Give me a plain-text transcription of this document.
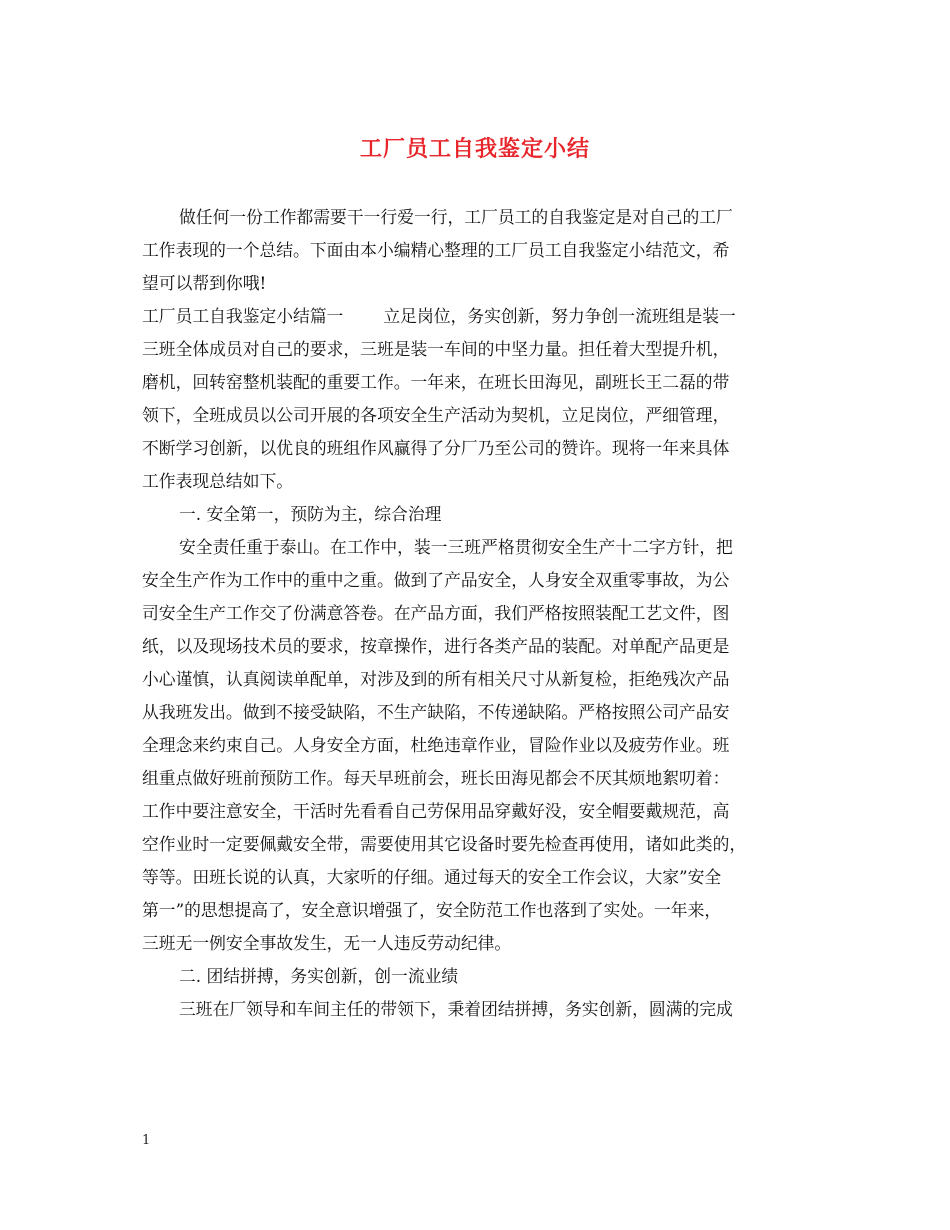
工厂员工自我鉴定小结
做任何一份工作都需要干一行爱一行，工厂员工的自我鉴定是对自己的工厂
工作表现的一个总结。下面由本小编精心整理的工厂员工自我鉴定小结范文，希
望可以帮到你哦!
工厂员工自我鉴定小结篇一 立足岗位，务实创新，努力争创一流班组是装一
三班全体成员对自己的要求，三班是装一车间的中坚力量。担任着大型提升机，
磨机，回转窑整机装配的重要工作。一年来，在班长田海见，副班长王二磊的带
领下，全班成员以公司开展的各项安全生产活动为契机，立足岗位，严细管理，
不断学习创新，以优良的班组作风赢得了分厂乃至公司的赞许。现将一年来具体
工作表现总结如下。
一. 安全第一，预防为主，综合治理
安全责任重于泰山。在工作中，装一三班严格贯彻安全生产十二字方针，把
安全生产作为工作中的重中之重。做到了产品安全，人身安全双重零事故，为公
司安全生产工作交了份满意答卷。在产品方面，我们严格按照装配工艺文件，图
纸，以及现场技术员的要求，按章操作，进行各类产品的装配。对单配产品更是
小心谨慎，认真阅读单配单，对涉及到的所有相关尺寸从新复检，拒绝残次产品
从我班发出。做到不接受缺陷，不生产缺陷，不传递缺陷。严格按照公司产品安
全理念来约束自己。人身安全方面，杜绝违章作业，冒险作业以及疲劳作业。班
组重点做好班前预防工作。每天早班前会，班长田海见都会不厌其烦地絮叨着：
工作中要注意安全，干活时先看看自己劳保用品穿戴好没，安全帽要戴规范，高
空作业时一定要佩戴安全带，需要使用其它设备时要先检查再使用，诸如此类的，
等等。田班长说的认真，大家听的仔细。通过每天的安全工作会议，大家”安全
第一”的思想提高了，安全意识增强了，安全防范工作也落到了实处。一年来，
三班无一例安全事故发生，无一人违反劳动纪律。
二. 团结拼搏，务实创新，创一流业绩
三班在厂领导和车间主任的带领下，秉着团结拼搏，务实创新，圆满的完成
1
